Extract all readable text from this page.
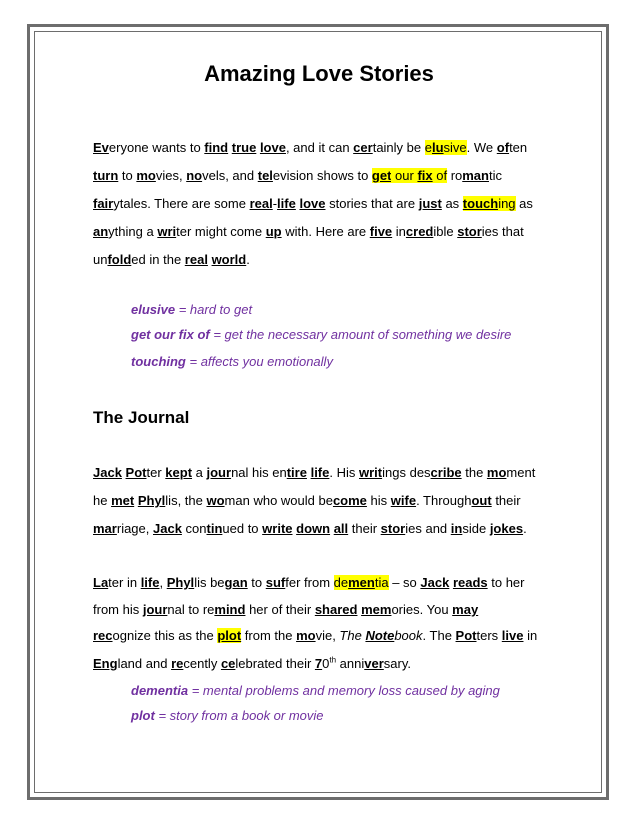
Amazing Love Stories

Everyone wants to find true love, and it can certainly be elusive. We often

turn to movies, novels, and television shows to get our fix of romantic

fairytales. There are some real-life love stories that are just as touching as

anything a writer might come up with. Here are five incredible stories that

unfolded in the real world.

elusive = hard to get

get our fix of = get the necessary amount of something we desire

touching = affects you emotionally

The Journal

Jack Potter kept a journal his entire life. His writings describe the moment

he met Phyllis, the woman who would become his wife. Throughout their

marriage, Jack continued to write down all their stories and inside jokes.

Later in life, Phyllis began to suffer from dementia – so Jack reads to her

from his journal to remind her of their shared memories. You may

recognize this as the plot from the movie, The Notebook. The Potters live in

England and recently celebrated their 70th anniversary.

dementia = mental problems and memory loss caused by aging

plot = story from a book or movie
